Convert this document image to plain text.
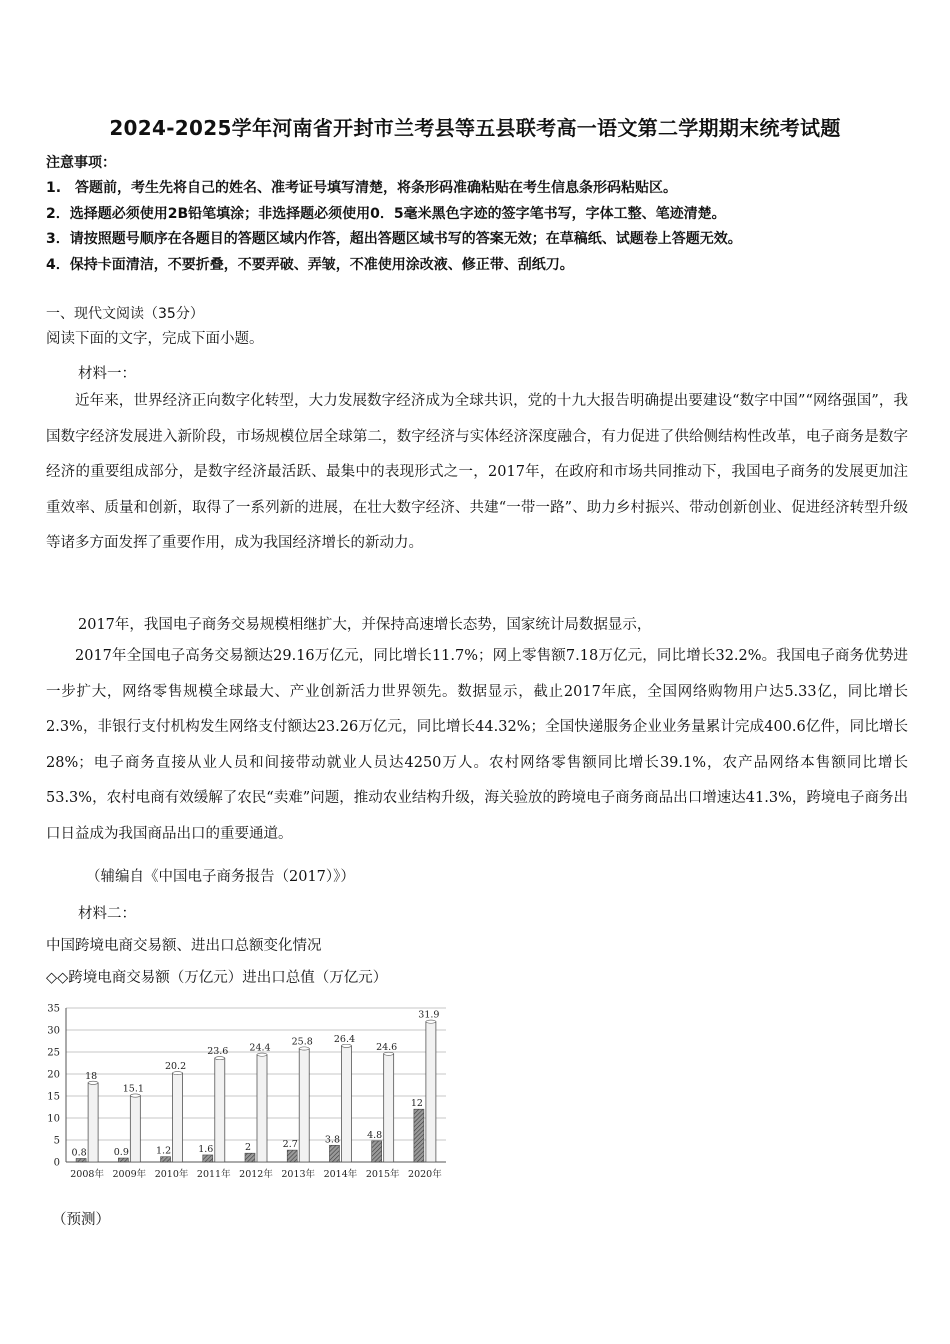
2024-2025学年河南省开封市兰考县等五县联考高一语文第二学期期末统考试题
注意事项：
1.　答题前，考生先将自己的姓名、准考证号填写清楚，将条形码准确粘贴在考生信息条形码粘贴区。
2．选择题必须使用2B铅笔填涂；非选择题必须使用0．5毫米黑色字迹的签字笔书写，字体工整、笔迹清楚。
3．请按照题号顺序在各题目的答题区域内作答，超出答题区域书写的答案无效；在草稿纸、试题卷上答题无效。
4．保持卡面清洁，不要折叠，不要弄破、弄皱，不准使用涂改液、修正带、刮纸刀。
一、现代文阅读（35分）
阅读下面的文字，完成下面小题。
材料一：
近年来，世界经济正向数字化转型，大力发展数字经济成为全球共识，党的十九大报告明确提出要建设“数字中国”“网络强国”，我国数字经济发展进入新阶段，市场规模位居全球第二，数字经济与实体经济深度融合，有力促进了供给侧结构性改革，电子商务是数字经济的重要组成部分，是数字经济最活跃、最集中的表现形式之一，2017年，在政府和市场共同推动下，我国电子商务的发展更加注重效率、质量和创新，取得了一系列新的进展，在壮大数字经济、共建“一带一路”、助力乡村振兴、带动创新创业、促进经济转型升级等诸多方面发挥了重要作用，成为我国经济增长的新动力。
2017年，我国电子商务交易规模相继扩大，并保持高速增长态势，国家统计局数据显示，
2017年全国电子高务交易额达29.16万亿元，同比增长11.7%；网上零售额7.18万亿元，同比增长32.2%。我国电子商务优势进一步扩大，网络零售规模全球最大、产业创新活力世界领先。数据显示，截止2017年底，全国网络购物用户达5.33亿，同比增长2.3%，非银行支付机构发生网络支付额达23.26万亿元，同比增长44.32%；全国快递服务企业业务量累计完成400.6亿件，同比增长28%；电子商务直接从业人员和间接带动就业人员达4250万人。农村网络零售额同比增长39.1%，农产品网络本售额同比增长53.3%，农村电商有效缓解了农民“卖难”问题，推动农业结构升级，海关验放的跨境电子商务商品出口增速达41.3%，跨境电子商务出口日益成为我国商品出口的重要通道。
（辅编自《中国电子商务报告（2017）》）
材料二：
中国跨境电商交易额、进出口总额变化情况
◇◇跨境电商交易额（万亿元）进出口总值（万亿元）
0
5
10
15
20
25
30
35
0.8
18
2008年
0.9
15.1
2009年
1.2
20.2
2010年
1.6
23.6
2011年
2
24.4
2012年
2.7
25.8
2013年
3.8
26.4
2014年
4.8
24.6
2015年
12
31.9
2020年
（预测）
